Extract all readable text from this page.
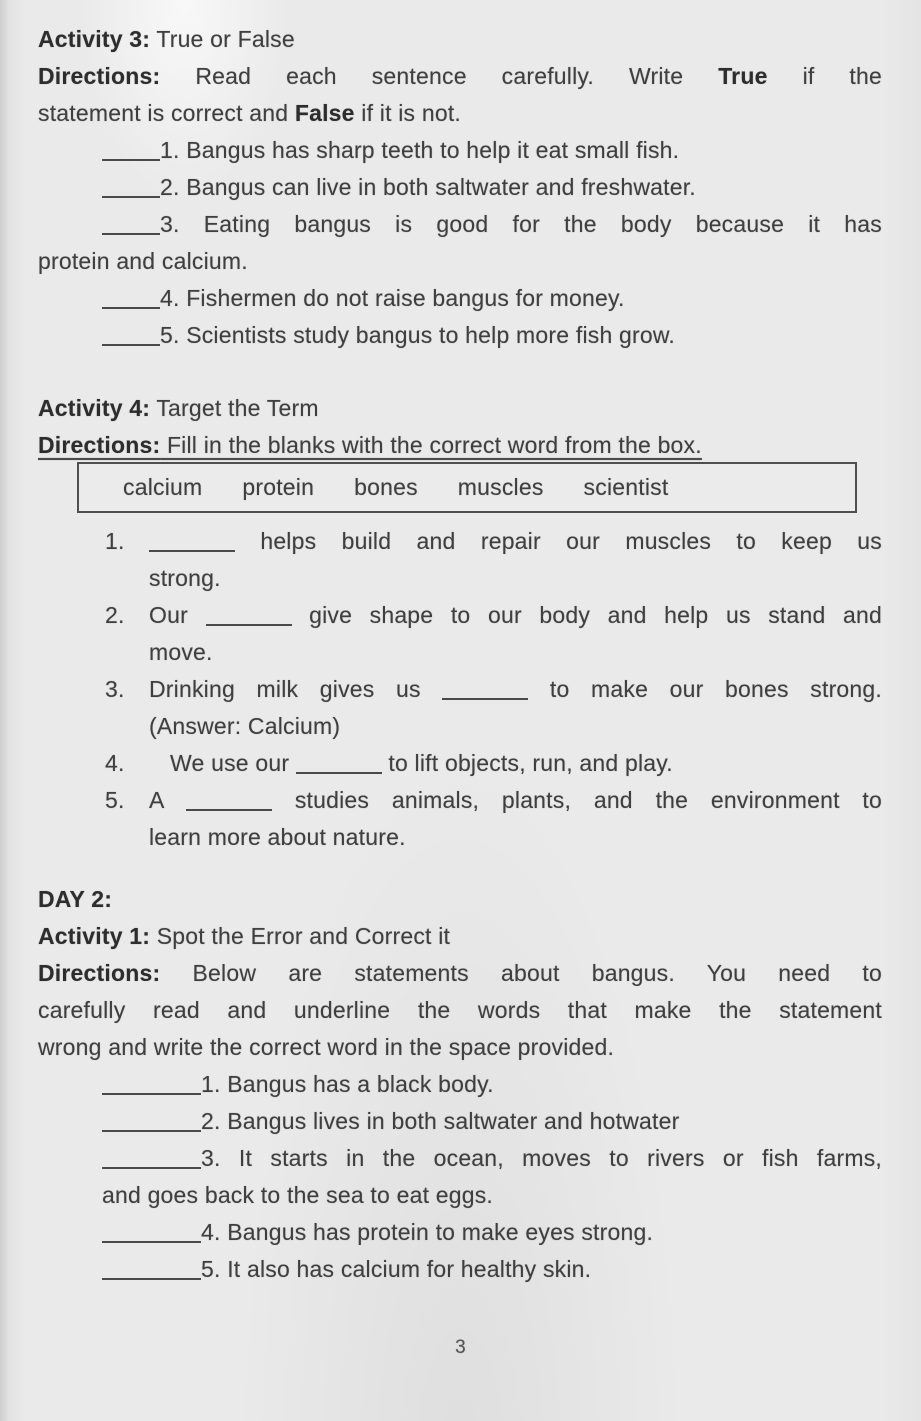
Activity 3: True or False

Directions: Read each sentence carefully. Write True if the
statement is correct and False if it is not.

1. Bangus has sharp teeth to help it eat small fish.

2. Bangus can live in both saltwater and freshwater.

3. Eating bangus is good for the body because it has
protein and calcium.

4. Fishermen do not raise bangus for money.

5. Scientists study bangus to help more fish grow.

Activity 4: Target the Term

Directions: Fill in the blanks with the correct word from the box.

calcium protein bones muscles scientist
1.	helps build and repair our muscles to keep us
strong.
2.	Our	give shape to our body and help us stand and
move.
3.	Drinking milk gives us	to make our bones strong.
(Answer: Calcium)
4.	We use our	to lift objects, run, and play.
5.	A	studies animals, plants, and the environment to
learn more about nature.

DAY 2:

Activity 1: Spot the Error and Correct it

Directions: Below are statements about bangus. You need to
carefully read and underline the words that make the statement
wrong and write the correct word in the space provided.

1. Bangus has a black body.

2. Bangus lives in both saltwater and hotwater

3. It starts in the ocean, moves to rivers or fish farms,
and goes back to the sea to eat eggs.

4. Bangus has protein to make eyes strong.

5. It also has calcium for healthy skin.

3
